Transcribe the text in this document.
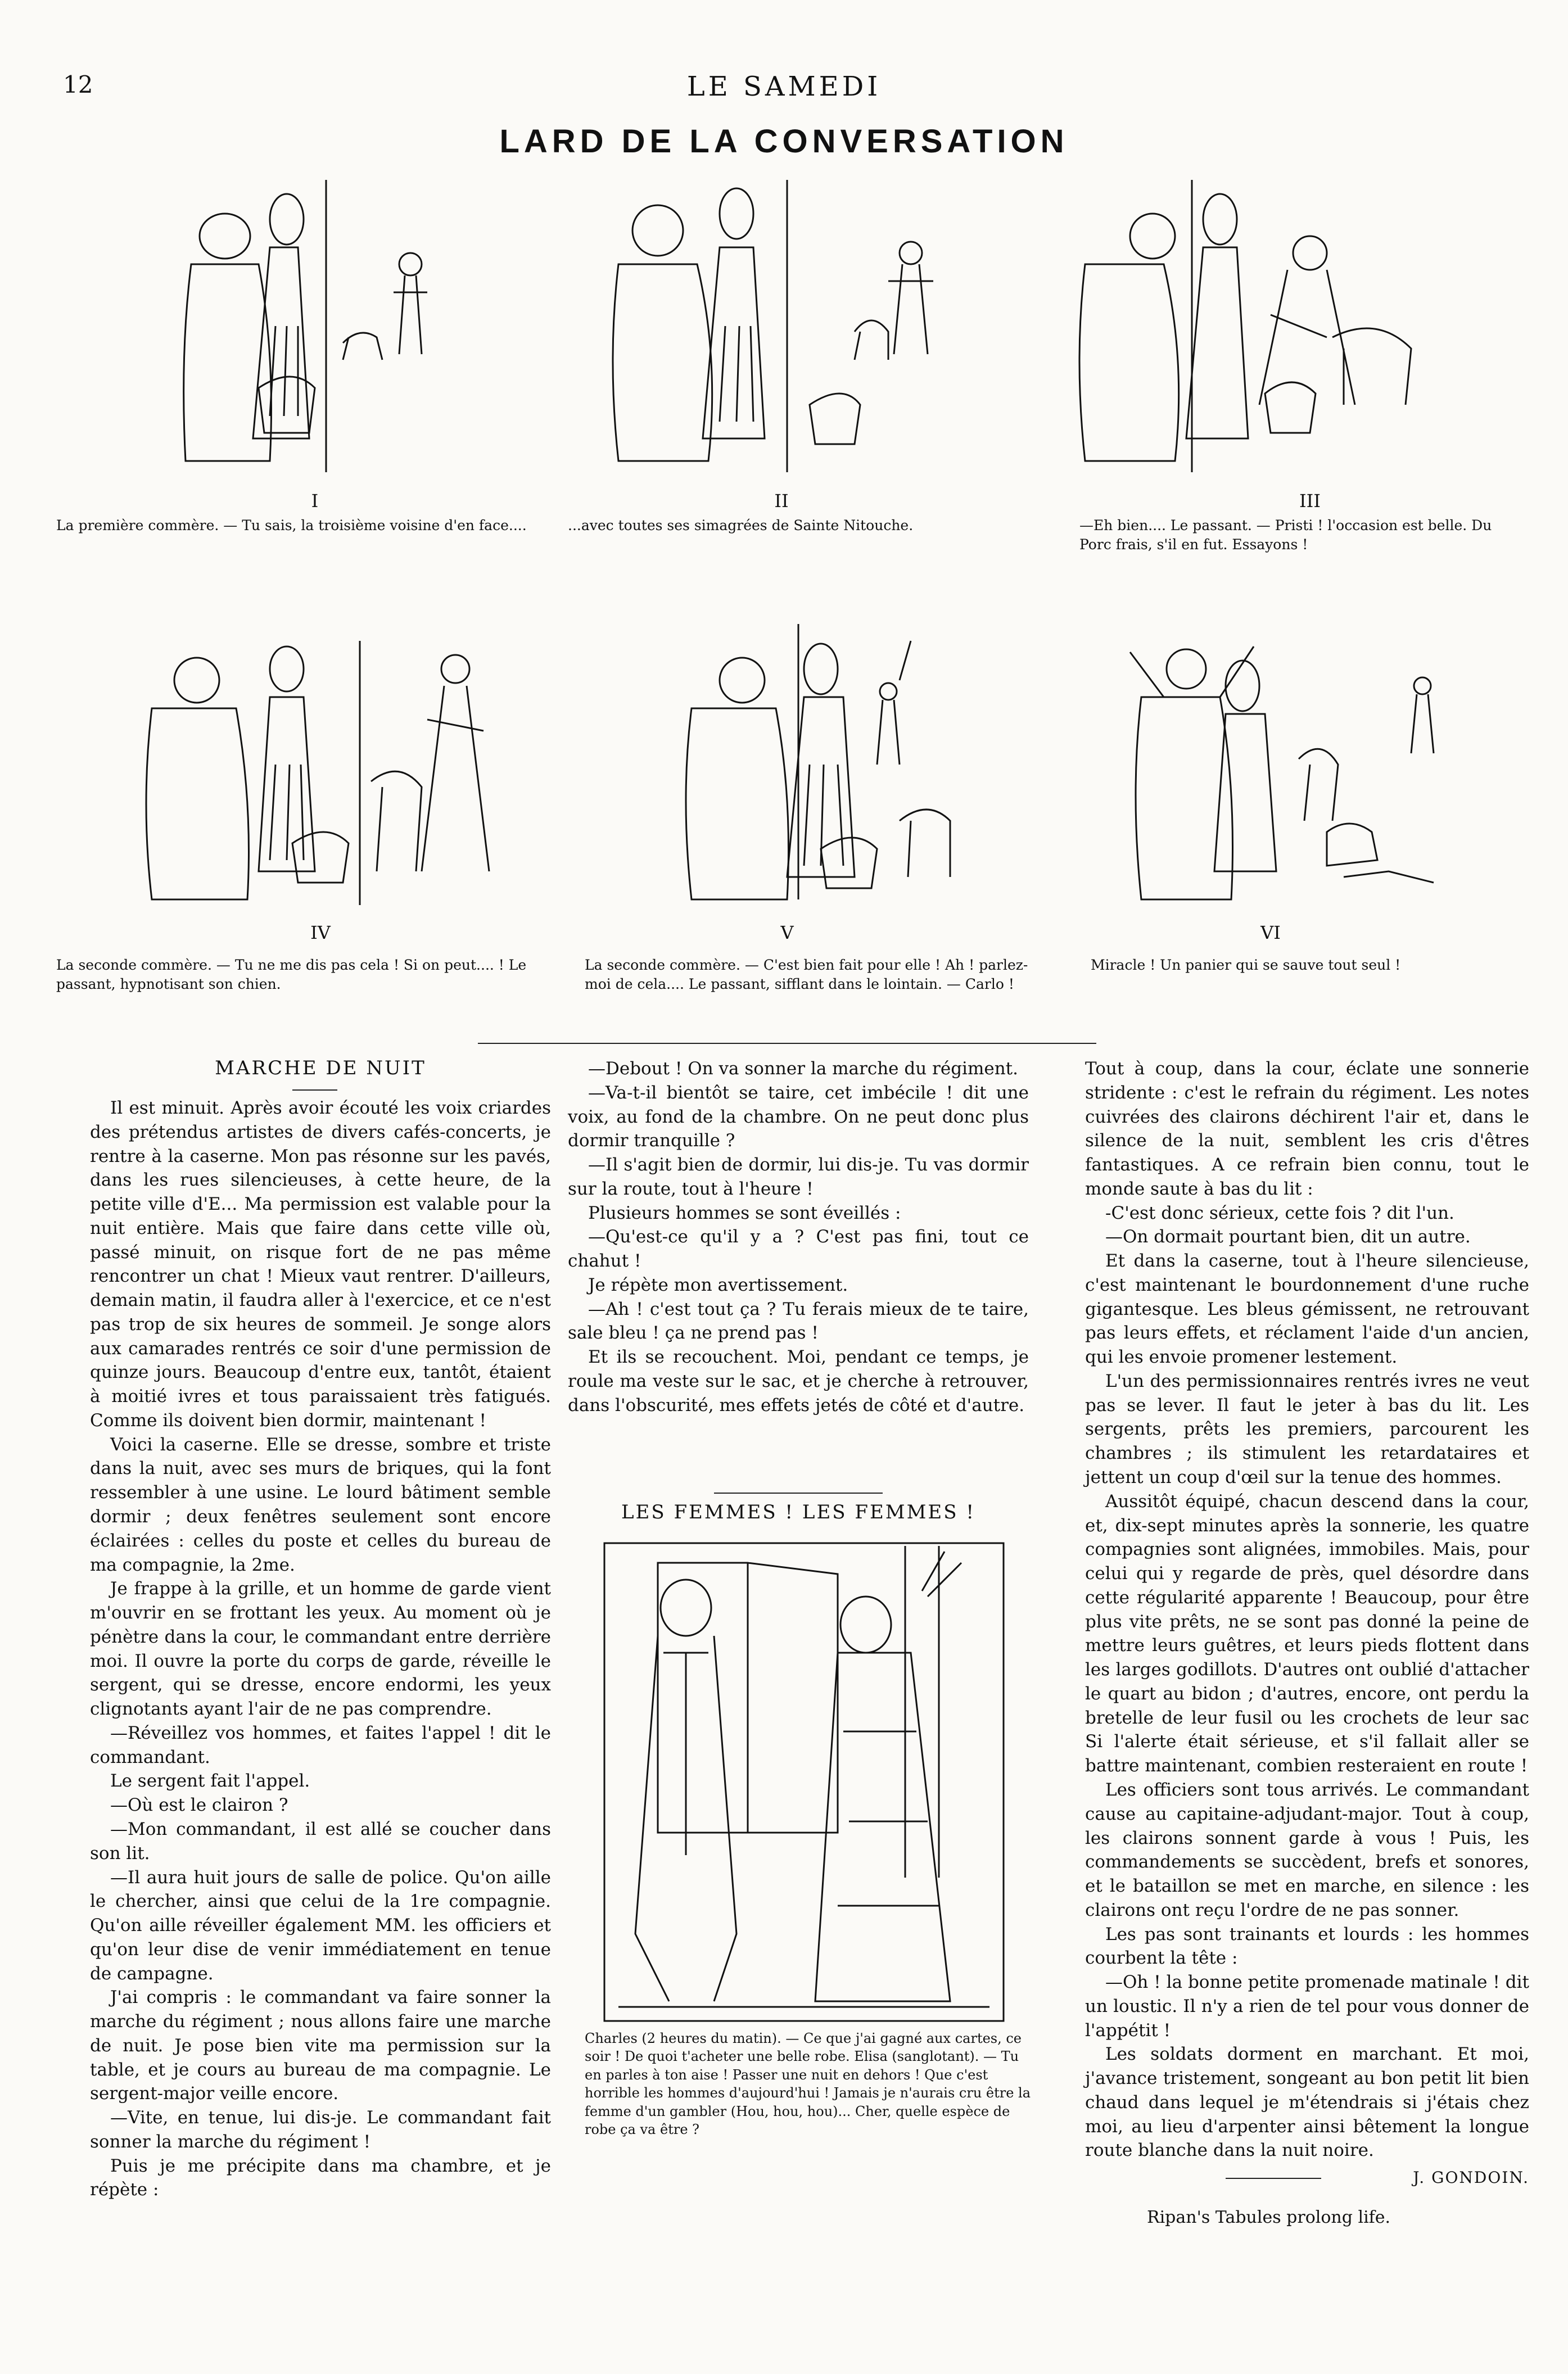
12	LE SAMEDI
LARD DE LA CONVERSATION
I	II	III
La première commère. — Tu sais, la troisième voisine d'en face....	...avec toutes ses simagrées de Sainte Nitouche.	—Eh bien.... Le passant. — Pristi ! l'occasion est belle. Du Porc frais, s'il en fut. Essayons !
IV	V	VI
La seconde commère. — Tu ne me dis pas cela ! Si on peut.... ! Le passant, hypnotisant son chien.
La seconde commère. — C'est bien fait pour elle ! Ah ! parlez-moi de cela.... Le passant, sifflant dans le lointain. — Carlo !
Miracle ! Un panier qui se sauve tout seul !
MARCHE DE NUIT

Il est minuit. Après avoir écouté les voix criardes des prétendus artistes de divers cafés-concerts, je rentre à la caserne. Mon pas résonne sur les pavés, dans les rues silencieuses, à cette heure, de la petite ville d'E... Ma permission est valable pour la nuit entière. Mais que faire dans cette ville où, passé minuit, on risque fort de ne pas même rencontrer un chat ! Mieux vaut rentrer. D'ailleurs, demain matin, il faudra aller à l'exercice, et ce n'est pas trop de six heures de sommeil. Je songe alors aux camarades rentrés ce soir d'une permission de quinze jours. Beaucoup d'entre eux, tantôt, étaient à moitié ivres et tous paraissaient très fatigués. Comme ils doivent bien dormir, maintenant !

Voici la caserne. Elle se dresse, sombre et triste dans la nuit, avec ses murs de briques, qui la font ressembler à une usine. Le lourd bâtiment semble dormir ; deux fenêtres seulement sont encore éclairées : celles du poste et celles du bureau de ma compagnie, la 2me.

Je frappe à la grille, et un homme de garde vient m'ouvrir en se frottant les yeux. Au moment où je pénètre dans la cour, le commandant entre derrière moi. Il ouvre la porte du corps de garde, réveille le sergent, qui se dresse, encore endormi, les yeux clignotants ayant l'air de ne pas comprendre.

—Réveillez vos hommes, et faites l'appel ! dit le commandant.

Le sergent fait l'appel.

—Où est le clairon ?

—Mon commandant, il est allé se coucher dans son lit.

—Il aura huit jours de salle de police. Qu'on aille le chercher, ainsi que celui de la 1re compagnie. Qu'on aille réveiller également MM. les officiers et qu'on leur dise de venir immédiatement en tenue de campagne.

J'ai compris : le commandant va faire sonner la marche du régiment ; nous allons faire une marche de nuit. Je pose bien vite ma permission sur la table, et je cours au bureau de ma compagnie. Le sergent-major veille encore.

—Vite, en tenue, lui dis-je. Le commandant fait sonner la marche du régiment !

Puis je me précipite dans ma chambre, et je répète :

—Debout ! On va sonner la marche du régiment.

—Va-t-il bientôt se taire, cet imbécile ! dit une voix, au fond de la chambre. On ne peut donc plus dormir tranquille ?

—Il s'agit bien de dormir, lui dis-je. Tu vas dormir sur la route, tout à l'heure !

Plusieurs hommes se sont éveillés :

—Qu'est-ce qu'il y a ? C'est pas fini, tout ce chahut !

Je répète mon avertissement.

—Ah ! c'est tout ça ? Tu ferais mieux de te taire, sale bleu ! ça ne prend pas !

Et ils se recouchent. Moi, pendant ce temps, je roule ma veste sur le sac, et je cherche à retrouver, dans l'obscurité, mes effets jetés de côté et d'autre.

LES FEMMES ! LES FEMMES !
Charles (2 heures du matin). — Ce que j'ai gagné aux cartes, ce soir ! De quoi t'acheter une belle robe. Elisa (sanglotant). — Tu en parles à ton aise ! Passer une nuit en dehors ! Que c'est horrible les hommes d'aujourd'hui ! Jamais je n'aurais cru être la femme d'un gambler (Hou, hou, hou)... Cher, quelle espèce de robe ça va être ?

Tout à coup, dans la cour, éclate une sonnerie stridente : c'est le refrain du régiment. Les notes cuivrées des clairons déchirent l'air et, dans le silence de la nuit, semblent les cris d'êtres fantastiques. A ce refrain bien connu, tout le monde saute à bas du lit :

-C'est donc sérieux, cette fois ? dit l'un.

—On dormait pourtant bien, dit un autre.

Et dans la caserne, tout à l'heure silencieuse, c'est maintenant le bourdonnement d'une ruche gigantesque. Les bleus gémissent, ne retrouvant pas leurs effets, et réclament l'aide d'un ancien, qui les envoie promener lestement.

L'un des permissionnaires rentrés ivres ne veut pas se lever. Il faut le jeter à bas du lit. Les sergents, prêts les premiers, parcourent les chambres ; ils stimulent les retardataires et jettent un coup d'œil sur la tenue des hommes.

Aussitôt équipé, chacun descend dans la cour, et, dix-sept minutes après la sonnerie, les quatre compagnies sont alignées, immobiles. Mais, pour celui qui y regarde de près, quel désordre dans cette régularité apparente ! Beaucoup, pour être plus vite prêts, ne se sont pas donné la peine de mettre leurs guêtres, et leurs pieds flottent dans les larges godillots. D'autres ont oublié d'attacher le quart au bidon ; d'autres, encore, ont perdu la bretelle de leur fusil ou les crochets de leur sac Si l'alerte était sérieuse, et s'il fallait aller se battre maintenant, combien resteraient en route !

Les officiers sont tous arrivés. Le commandant cause au capitaine-adjudant-major. Tout à coup, les clairons sonnent garde à vous ! Puis, les commandements se succèdent, brefs et sonores, et le bataillon se met en marche, en silence : les clairons ont reçu l'ordre de ne pas sonner.

Les pas sont trainants et lourds : les hommes courbent la tête :

—Oh ! la bonne petite promenade matinale ! dit un loustic. Il n'y a rien de tel pour vous donner de l'appétit !

Les soldats dorment en marchant. Et moi, j'avance tristement, songeant au bon petit lit bien chaud dans lequel je m'étendrais si j'étais chez moi, au lieu d'arpenter ainsi bêtement la longue route blanche dans la nuit noire.

J. GONDOIN.
Ripan's Tabules prolong life.
